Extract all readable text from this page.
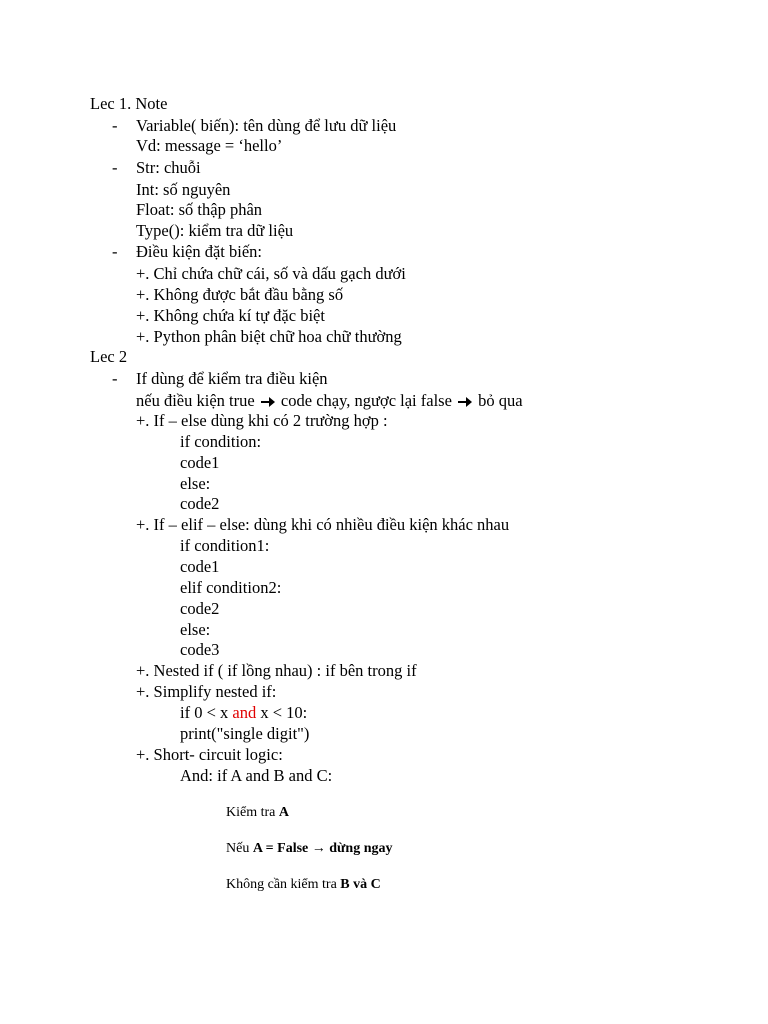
Lec 1. Note
- Variable( biến): tên dùng để lưu dữ liệu
Vd: message = ‘hello’
- Str: chuỗi
Int: số nguyên
Float: số thập phân
Type(): kiểm tra dữ liệu
- Điều kiện đặt biến:
+. Chỉ chứa chữ cái, số và dấu gạch dưới
+. Không được bắt đầu bằng số
+. Không chứa kí tự đặc biệt
+. Python phân biệt chữ hoa chữ thường
Lec 2
- If dùng để kiểm tra điều kiện
nếu điều kiện true code chạy, ngược lại false bỏ qua
+. If – else dùng khi có 2 trường hợp :
if condition:
code1
else:
code2
+. If – elif – else: dùng khi có nhiều điều kiện khác nhau
if condition1:
code1
elif condition2:
code2
else:
code3
+. Nested if ( if lồng nhau) : if bên trong if
+. Simplify nested if:
if 0 < x and x < 10:
print("single digit")
+. Short- circuit logic:
And: if A and B and C:
Kiểm tra A
Nếu A = False → dừng ngay
Không cần kiểm tra B và C
